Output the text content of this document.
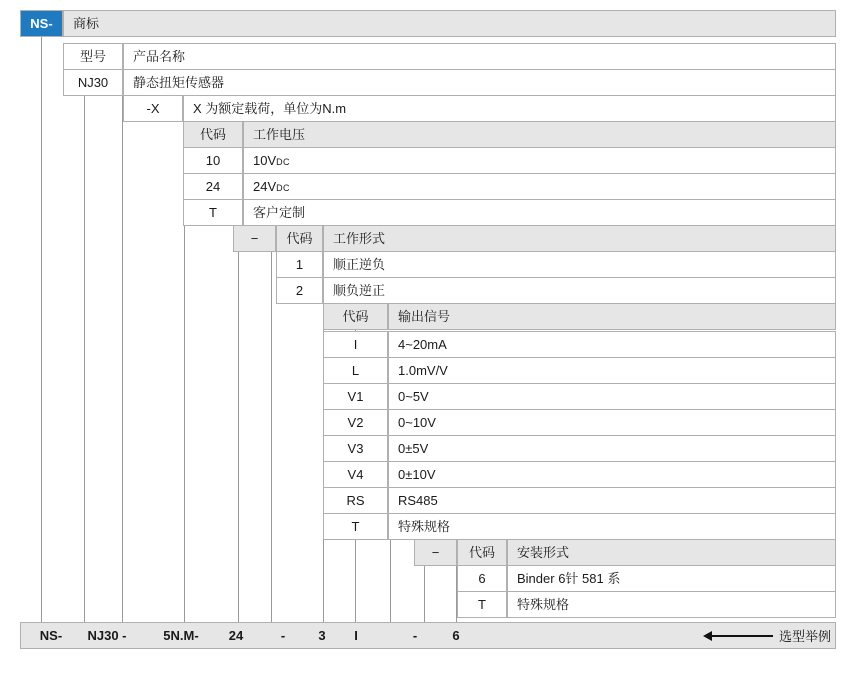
NS-	商标
型号	产品名称
NJ30	静态扭矩传感器
-X	X 为额定载荷，单位为N.m
代码	工作电压
10	10V DC
24	24V DC
T	客户定制
−	代码	工作形式
1	顺正逆负
2	顺负逆正
代码	输出信号
I	4~20mA
L	1.0mV/V
V1	0~5V
V2	0~10V
V3	0±5V
V4	0±10V
RS	RS485
T	特殊规格
−	代码	安装形式
6	Binder 6针 581 系
T	特殊规格
NS-	NJ30 -	5N.M-	24	-	3	I	-	6	选型举例
